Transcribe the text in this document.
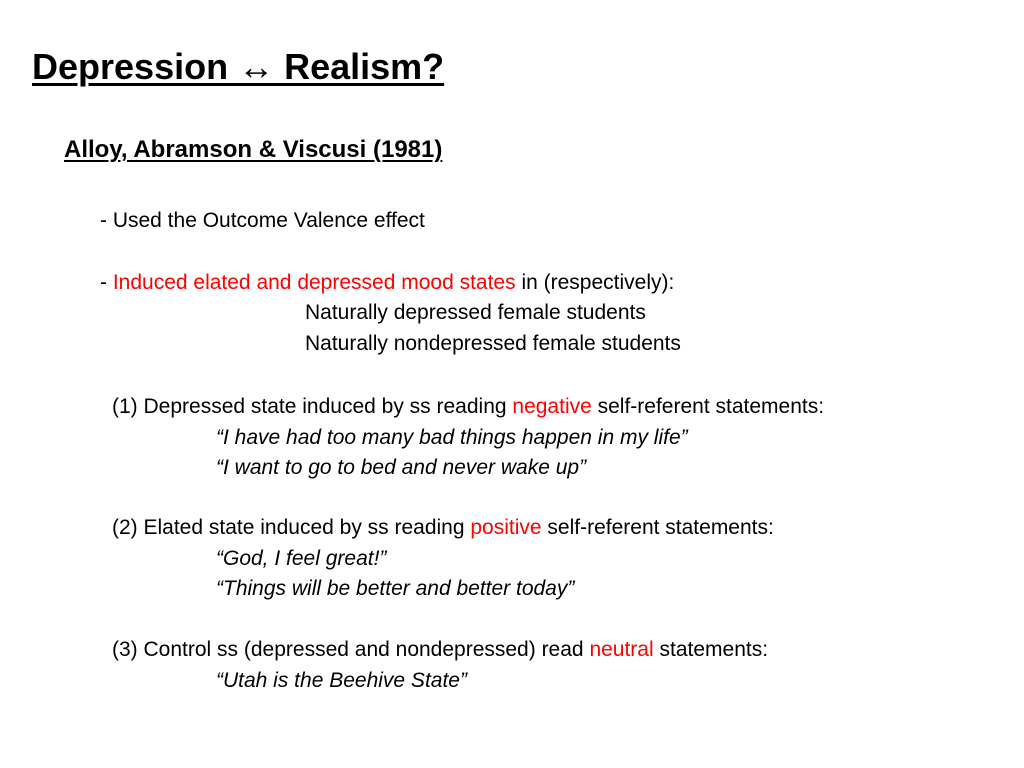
Depression ↔ Realism?
Alloy, Abramson & Viscusi (1981)
- Used the Outcome Valence effect
- Induced elated and depressed mood states in (respectively):
Naturally depressed female students
Naturally nondepressed female students
(1) Depressed state induced by ss reading negative self-referent statements:
“I have had too many bad things happen in my life”
“I want to go to bed and never wake up”
(2) Elated state induced by ss reading positive self-referent statements:
“God, I feel great!”
“Things will be better and better today”
(3) Control ss (depressed and nondepressed) read neutral statements:
“Utah is the Beehive State”
